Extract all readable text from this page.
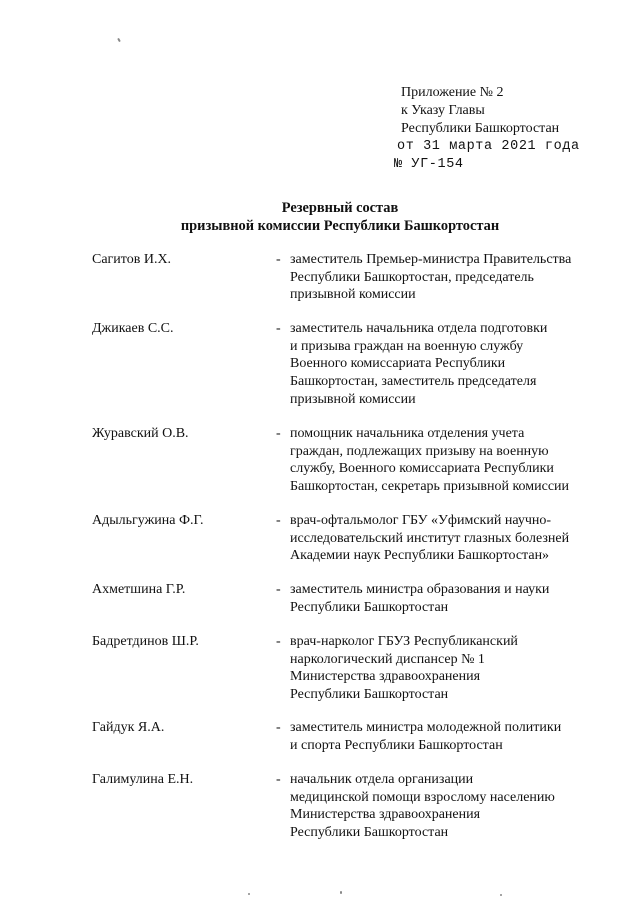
Приложение № 2
к Указу Главы
Республики Башкортостан
от 31 марта 2021 года
№ УГ-154
Резервный состав
призывной комиссии Республики Башкортостан
Сагитов И.Х.	- заместитель Премьер-министра Правительства
Республики Башкортостан, председатель
призывной комиссии
Джикаев С.С.	- заместитель начальника отдела подготовки
и призыва граждан на военную службу
Военного комиссариата Республики
Башкортостан, заместитель председателя
призывной комиссии
Журавский О.В.	- помощник начальника отделения учета
граждан, подлежащих призыву на военную
службу, Военного комиссариата Республики
Башкортостан, секретарь призывной комиссии
Адыльгужина Ф.Г.	- врач-офтальмолог ГБУ «Уфимский научно-
исследовательский институт глазных болезней
Академии наук Республики Башкортостан»
Ахметшина Г.Р.	- заместитель министра образования и науки
Республики Башкортостан
Бадретдинов Ш.Р.	- врач-нарколог ГБУЗ Республиканский
наркологический диспансер № 1
Министерства здравоохранения
Республики Башкортостан
Гайдук Я.А.	- заместитель министра молодежной политики
и спорта Республики Башкортостан
Галимулина Е.Н.	- начальник отдела организации
медицинской помощи взрослому населению
Министерства здравоохранения
Республики Башкортостан
